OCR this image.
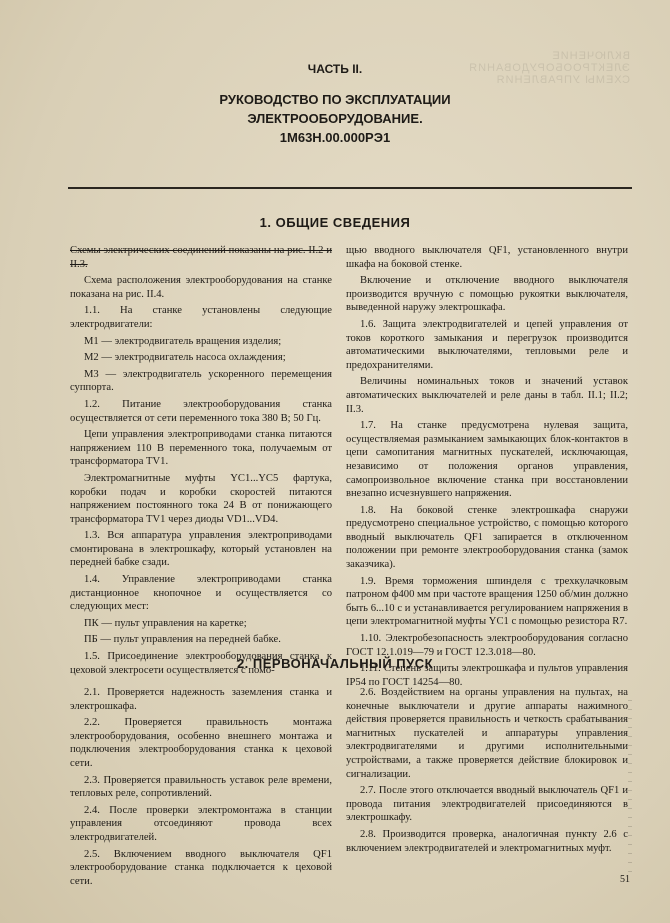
ВКЛЮЧЕНИЕ ЭЛЕКТРООБОРУДОВАНИЯ
СХЕМЫ УПРАВЛЕНИЯ
ЧАСТЬ II.
РУКОВОДСТВО ПО ЭКСПЛУАТАЦИИ
ЭЛЕКТРООБОРУДОВАНИЕ.
1М63Н.00.000РЭ1
1. ОБЩИЕ СВЕДЕНИЯ

Схемы электрических соединений показаны на рис. II.2 и II.3.

Схема расположения электрооборудования на станке показана на рис. II.4.

1.1. На станке установлены следующие электродвигатели:

М1 — электродвигатель вращения изделия;

М2 — электродвигатель насоса охлаждения;

М3 — электродвигатель ускоренного перемещения суппорта.

1.2. Питание электрооборудования станка осуществляется от сети переменного тока 380 В; 50 Гц.

Цепи управления электроприводами станка питаются напряжением 110 В переменного тока, получаемым от трансформатора TV1.

Электромагнитные муфты YC1...YC5 фартука, коробки подач и коробки скоростей питаются напряжением постоянного тока 24 В от понижающего трансформатора TV1 через диоды VD1...VD4.

1.3. Вся аппаратура управления электроприводами смонтирована в электрошкафу, который установлен на передней бабке сзади.

1.4. Управление электроприводами станка дистанционное кнопочное и осуществляется со следующих мест:

ПК — пульт управления на каретке;

ПБ — пульт управления на передней бабке.

1.5. Присоединение электрооборудования станка к цеховой электросети осуществляется с помо-

щью вводного выключателя QF1, установленного внутри шкафа на боковой стенке.

Включение и отключение вводного выключателя производится вручную с помощью рукоятки выключателя, выведенной наружу электрошкафа.

1.6. Защита электродвигателей и цепей управления от токов короткого замыкания и перегрузок производится автоматическими выключателями, тепловыми реле и предохранителями.

Величины номинальных токов и значений уставок автоматических выключателей и реле даны в табл. II.1; II.2; II.3.

1.7. На станке предусмотрена нулевая защита, осуществляемая размыканием замыкающих блок-контактов в цепи самопитания магнитных пускателей, исключающая, независимо от положения органов управления, самопроизвольное включение станка при восстановлении внезапно исчезнувшего напряжения.

1.8. На боковой стенке электрошкафа снаружи предусмотрено специальное устройство, с помощью которого вводный выключатель QF1 запирается в отключенном положении при ремонте электрооборудования станка (замок заказчика).

1.9. Время торможения шпинделя с трехкулачковым патроном ф400 мм при частоте вращения 1250 об/мин должно быть 6...10 с и устанавливается регулированием напряжения в цепи электромагнитной муфты YC1 с помощью резистора R7.

1.10. Электробезопасность электрооборудования согласно ГОСТ 12.1.019—79 и ГОСТ 12.3.018—80.

1.11. Степень защиты электрошкафа и пультов управления IP54 по ГОСТ 14254—80.

2. ПЕРВОНАЧАЛЬНЫЙ ПУСК

2.1. Проверяется надежность заземления станка и электрошкафа.

2.2. Проверяется правильность монтажа электрооборудования, особенно внешнего монтажа и подключения электрооборудования станка к цеховой сети.

2.3. Проверяется правильность уставок реле времени, тепловых реле, сопротивлений.

2.4. После проверки электромонтажа в станции управления отсоединяют провода всех электродвигателей.

2.5. Включением вводного выключателя QF1 электрооборудование станка подключается к цеховой сети.

2.6. Воздействием на органы управления на пультах, на конечные выключатели и другие аппараты нажимного действия проверяется правильность и четкость срабатывания магнитных пускателей и аппаратуры управления электродвигателями и другими исполнительными устройствами, а также проверяется действие блокировок и сигнализации.

2.7. После этого отключается вводный выключатель QF1 и провода питания электродвигателей присоединяются в электрошкафу.

2.8. Производится проверка, аналогичная пункту 2.6 с включением электродвигателей и электромагнитных муфт.

51
